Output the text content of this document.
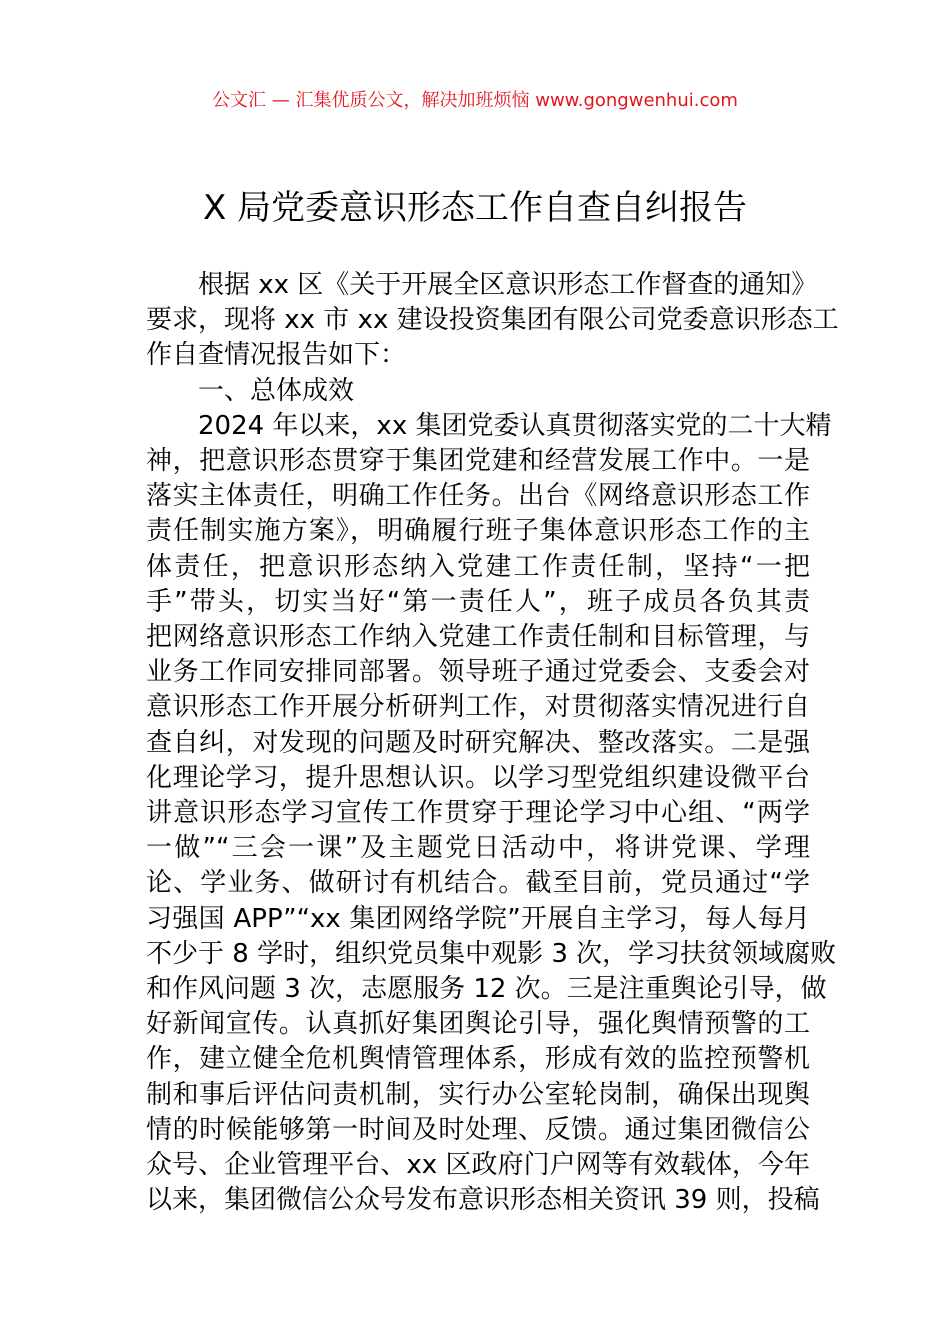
公文汇 — 汇集优质公文，解决加班烦恼 www.gongwenhui.com
X 局党委意识形态工作自查自纠报告
根据 xx 区《关于开展全区意识形态工作督查的通知》
要求，现将 xx 市 xx 建设投资集团有限公司党委意识形态工
作自查情况报告如下：
一、总体成效
2024 年以来，xx 集团党委认真贯彻落实党的二十大精
神，把意识形态贯穿于集团党建和经营发展工作中。一是
落实主体责任，明确工作任务。出台《网络意识形态工作
责任制实施方案》，明确履行班子集体意识形态工作的主
体责任，把意识形态纳入党建工作责任制，坚持“一把
手”带头，切实当好“第一责任人”，班子成员各负其责
把网络意识形态工作纳入党建工作责任制和目标管理，与
业务工作同安排同部署。领导班子通过党委会、支委会对
意识形态工作开展分析研判工作，对贯彻落实情况进行自
查自纠，对发现的问题及时研究解决、整改落实。二是强
化理论学习，提升思想认识。以学习型党组织建设微平台
讲意识形态学习宣传工作贯穿于理论学习中心组、“两学
一做”“三会一课”及主题党日活动中，将讲党课、学理
论、学业务、做研讨有机结合。截至目前，党员通过“学
习强国 APP”“xx 集团网络学院”开展自主学习，每人每月
不少于 8 学时，组织党员集中观影 3 次，学习扶贫领域腐败
和作风问题 3 次，志愿服务 12 次。三是注重舆论引导，做
好新闻宣传。认真抓好集团舆论引导，强化舆情预警的工
作，建立健全危机舆情管理体系，形成有效的监控预警机
制和事后评估问责机制，实行办公室轮岗制，确保出现舆
情的时候能够第一时间及时处理、反馈。通过集团微信公
众号、企业管理平台、xx 区政府门户网等有效载体，今年
以来，集团微信公众号发布意识形态相关资讯 39 则，投稿
